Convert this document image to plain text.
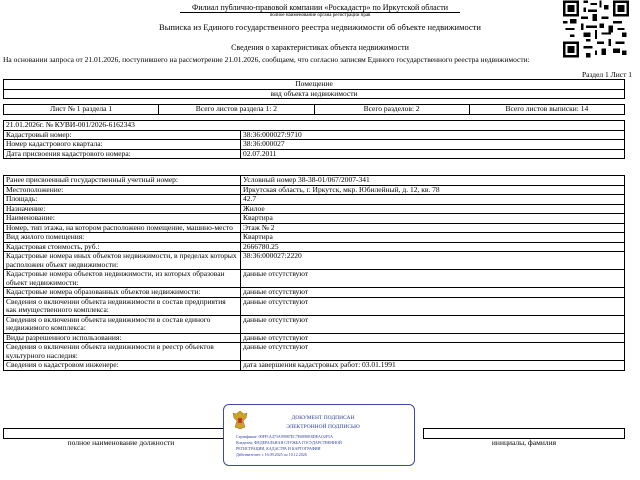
Филиал публично-правовой компании «Роскадастр» по Иркутской области
полное наименование органа регистрации прав
Выписка из Единого государственного реестра недвижимости об объекте недвижимости
Сведения о характеристиках объекта недвижимости
На основании запроса от 21.01.2026, поступившего на рассмотрение 21.01.2026, сообщаем, что согласно записям Единого государственного реестра недвижимости:
Раздел 1 Лист 1
Помещение
вид объекта недвижимости
Лист № 1 раздела 1	Всего листов раздела 1: 2	Всего разделов: 2	Всего листов выписки: 14
21.01.2026г. № КУВИ-001/2026-6162343	
Кадастровый номер:	38:36:000027:9710
Номер кадастрового квартала:	38:36:000027
Дата присвоения кадастрового номера:	02.07.2011
Ранее присвоенный государственный учетный номер:	Условный номер 38-38-01/067/2007-341
Местоположение:	Иркутская область, г. Иркутск, мкр. Юбилейный, д. 12, кв. 78
Площадь:	42.7
Назначение:	Жилое
Наименование:	Квартира
Номер, тип этажа, на котором расположено помещение, машино-место	Этаж № 2
Вид жилого помещения:	Квартира
Кадастровая стоимость, руб.:	2666780.25
Кадастровые номера иных объектов недвижимости, в пределах которых расположен объект недвижимости:	38:36:000027:2220
Кадастровые номера объектов недвижимости, из которых образован объект недвижимости:	данные отсутствуют
Кадастровые номера образованных объектов недвижимости:	данные отсутствуют
Сведения о включении объекта недвижимости в состав предприятия как имущественного комплекса:	данные отсутствуют
Сведения о включении объекта недвижимости в состав единого недвижимого комплекса:	данные отсутствуют
Виды разрешенного использования:	данные отсутствуют
Сведения о включении объекта недвижимости в реестр объектов культурного наследия:	данные отсутствуют
Сведения о кадастровом инженере:	дата завершения кадастровых работ: 03.01.1991

полное наименование должности		инициалы, фамилия
ДОКУМЕНТ ПОДПИСАН
ЭЛЕКТРОННОЙ ПОДПИСЬЮ
Сертификат: 00FF1A473A99987EC7E0890E8DEAO2F5A
Владелец: ФЕДЕРАЛЬНАЯ СЛУЖБА ГОСУДАРСТВЕННОЙ
РЕГИСТРАЦИИ, КАДАСТРА И КАРТОГРАФИИ
Действителен: с 16.09.2025 по 10.12.2026
